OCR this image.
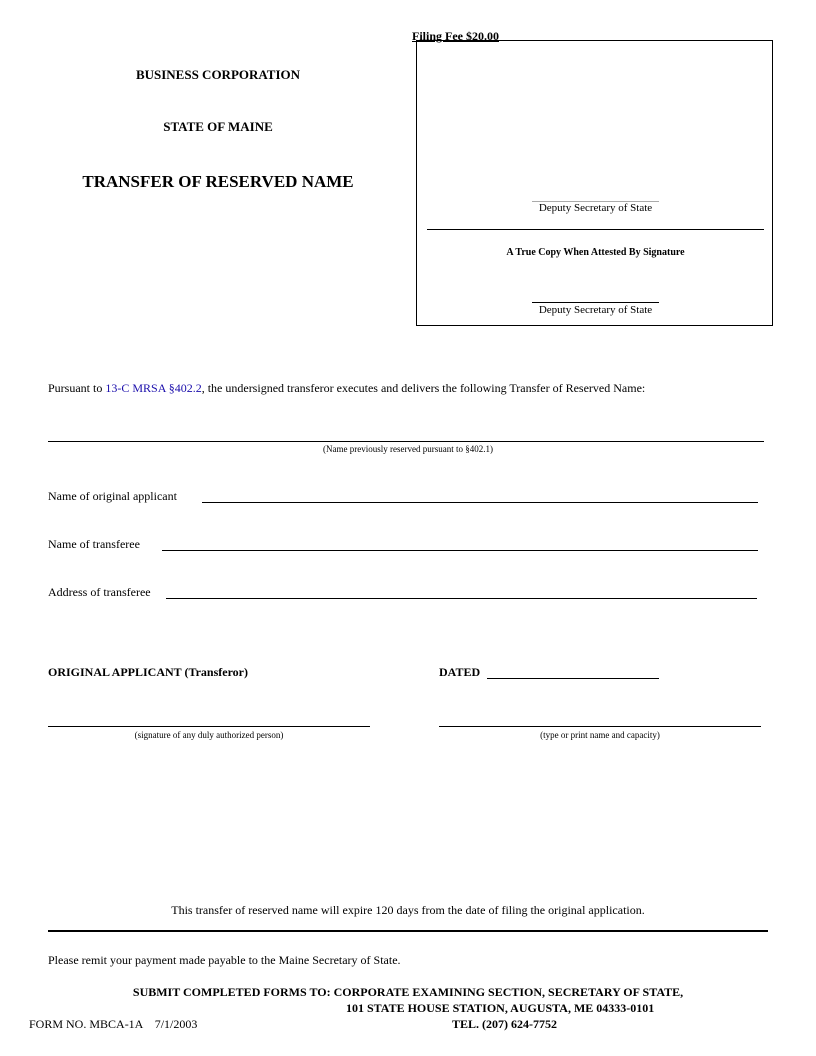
Filing Fee $20.00
BUSINESS CORPORATION
STATE OF MAINE
TRANSFER OF RESERVED NAME
Deputy Secretary of State
A True Copy When Attested By Signature
Deputy Secretary of State
Pursuant to 13-C MRSA §402.2, the undersigned transferor executes and delivers the following Transfer of Reserved Name:
(Name previously reserved pursuant to §402.1)
Name of original applicant
Name of transferee
Address of transferee
ORIGINAL APPLICANT (Transferor)	DATED
(signature of any duly authorized person)	(type or print name and capacity)
This transfer of reserved name will expire 120 days from the date of filing the original application.
Please remit your payment made payable to the Maine Secretary of State.
SUBMIT COMPLETED FORMS TO: CORPORATE EXAMINING SECTION, SECRETARY OF STATE,
101 STATE HOUSE STATION, AUGUSTA, ME 04333-0101
FORM NO. MBCA-1A    7/1/2003	TEL. (207) 624-7752
